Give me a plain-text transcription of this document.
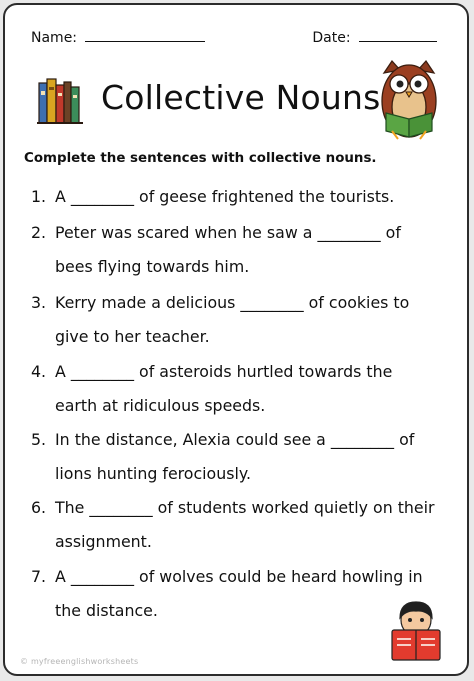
Name:	Date:
Collective Nouns
Complete the sentences with collective nouns.
1. A ________ of geese frightened the tourists.
2. Peter was scared when he saw a ________ of
bees flying towards him.
3. Kerry made a delicious ________ of cookies to
give to her teacher.
4. A ________ of asteroids hurtled towards the
earth at ridiculous speeds.
5. In the distance, Alexia could see a ________ of
lions hunting ferociously.
6. The ________ of students worked quietly on their
assignment.
7. A ________ of wolves could be heard howling in
the distance.
© myfreeenglishworksheets
